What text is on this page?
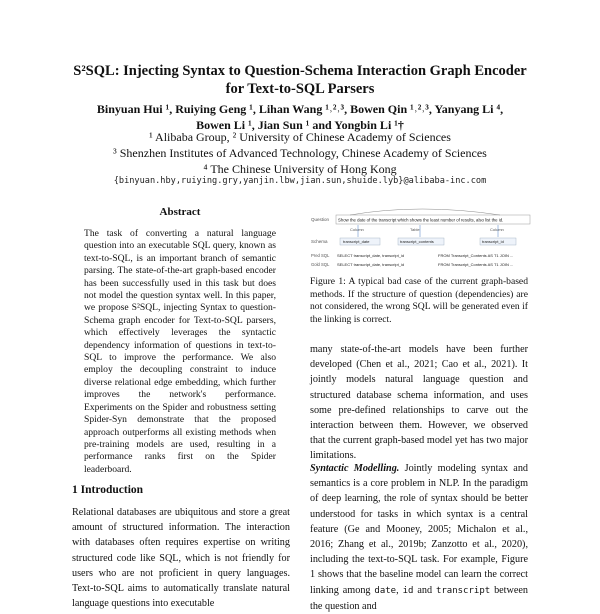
S²SQL: Injecting Syntax to Question-Schema Interaction Graph Encoder
for Text-to-SQL Parsers
Binyuan Hui ¹, Ruiying Geng ¹, Lihan Wang ¹˒²˒³, Bowen Qin ¹˒²˒³, Yanyang Li ⁴,
Bowen Li ¹, Jian Sun ¹ and Yongbin Li ¹†
¹ Alibaba Group, ² University of Chinese Academy of Sciences
³ Shenzhen Institutes of Advanced Technology, Chinese Academy of Sciences
⁴ The Chinese University of Hong Kong
{binyuan.hby,ruiying.gry,yanjin.lbw,jian.sun,shuide.lyb}@alibaba-inc.com
Abstract
The task of converting a natural language question into an executable SQL query, known as text-to-SQL, is an important branch of semantic parsing. The state-of-the-art graph-based encoder has been successfully used in this task but does not model the question syntax well. In this paper, we propose S²SQL, injecting Syntax to question-Schema graph encoder for Text-to-SQL parsers, which effectively leverages the syntactic dependency information of questions in text-to-SQL to improve the performance. We also employ the decoupling constraint to induce diverse relational edge embedding, which further improves the network's performance. Experiments on the Spider and robustness setting Spider-Syn demonstrate that the proposed approach outperforms all existing methods when pre-training models are used, resulting in a performance ranks first on the Spider leaderboard.
1 Introduction
Relational databases are ubiquitous and store a great amount of structured information. The interaction with databases often requires expertise on writing structured code like SQL, which is not friendly for users who are not proficient in query languages. Text-to-SQL aims to automatically translate natural language questions into executable
Question Show the date of the transcript which shows the least number of results, also list the id.
Column	Table	Column
Schema	transcript_date	transcript_contents	transcript_id
Pred SQL SELECT transcript_date, transcript_id	FROM Transcript_Contents AS T1 JOIN ...
Gold SQL SELECT transcript_date, transcript_id	FROM Transcript_Contents AS T1 JOIN ...
Figure 1: A typical bad case of the current graph-based methods. If the structure of question (dependencies) are not considered, the wrong SQL will be generated even if the linking is correct.
many state-of-the-art models have been further developed (Chen et al., 2021; Cao et al., 2021). It jointly models natural language question and structured database schema information, and uses some pre-defined relationships to carve out the interaction between them. However, we observed that the current graph-based model yet has two major limitations.
Syntactic Modelling. Jointly modeling syntax and semantics is a core problem in NLP. In the paradigm of deep learning, the role of syntax should be better understood for tasks in which syntax is a central feature (Ge and Mooney, 2005; Michalon et al., 2016; Zhang et al., 2019b; Zanzotto et al., 2020), including the text-to-SQL task. For example, Figure 1 shows that the baseline model can learn the correct linking among date, id and transcript between the question and
